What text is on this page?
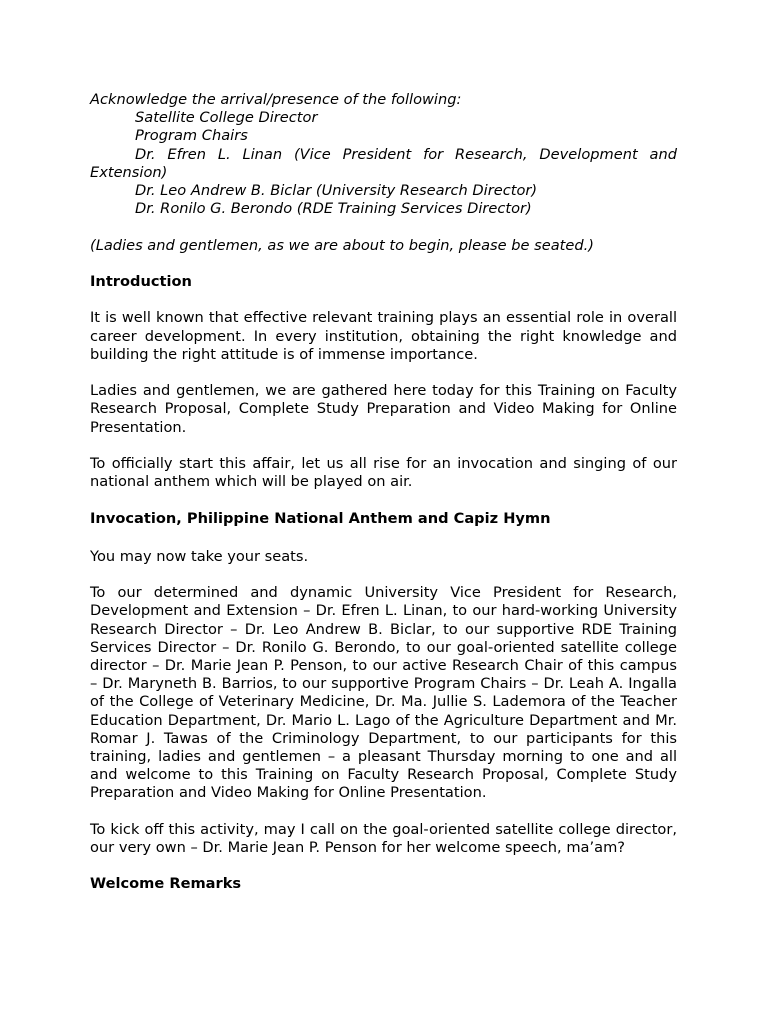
Acknowledge the arrival/presence of the following:

Satellite College Director

Program Chairs

Dr. Efren L. Linan (Vice President for Research, Development and Extension)

Dr. Leo Andrew B. Biclar (University Research Director)

Dr. Ronilo G. Berondo (RDE Training Services Director)

(Ladies and gentlemen, as we are about to begin, please be seated.)

Introduction

It is well known that effective relevant training plays an essential role in overall career development. In every institution, obtaining the right knowledge and building the right attitude is of immense importance.

Ladies and gentlemen, we are gathered here today for this Training on Faculty Research Proposal, Complete Study Preparation and Video Making for Online Presentation.

To officially start this affair, let us all rise for an invocation and singing of our national anthem which will be played on air.

Invocation, Philippine National Anthem and Capiz Hymn

You may now take your seats.

To our determined and dynamic University Vice President for Research, Development and Extension – Dr. Efren L. Linan, to our hard-working University Research Director – Dr. Leo Andrew B. Biclar, to our supportive RDE Training Services Director – Dr. Ronilo G. Berondo, to our goal-oriented satellite college director – Dr. Marie Jean P. Penson, to our active Research Chair of this campus – Dr. Maryneth B. Barrios, to our supportive Program Chairs – Dr. Leah A. Ingalla of the College of Veterinary Medicine, Dr. Ma. Jullie S. Lademora of the Teacher Education Department, Dr. Mario L. Lago of the Agriculture Department and Mr. Romar J. Tawas of the Criminology Department, to our participants for this training, ladies and gentlemen – a pleasant Thursday morning to one and all and welcome to this Training on Faculty Research Proposal, Complete Study Preparation and Video Making for Online Presentation.

To kick off this activity, may I call on the goal-oriented satellite college director, our very own – Dr. Marie Jean P. Penson for her welcome speech, ma’am?

Welcome Remarks
